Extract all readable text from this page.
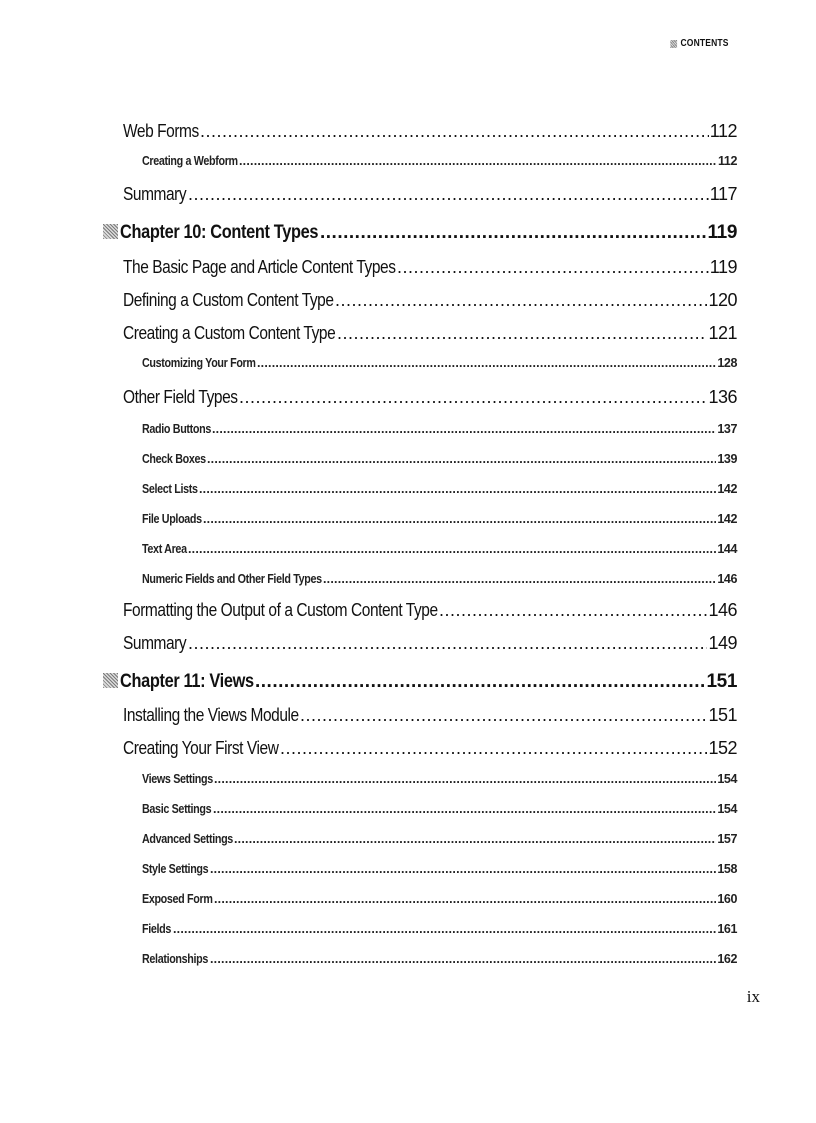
CONTENTS
Web Forms .....	112
Creating a Webform .....	112
Summary .....	117
Chapter 10: Content Types .....	119
The Basic Page and Article Content Types .....	119
Defining a Custom Content Type .....	120
Creating a Custom Content Type .....	121
Customizing Your Form .....	128
Other Field Types .....	136
Radio Buttons .....	137
Check Boxes .....	139
Select Lists .....	142
File Uploads .....	142
Text Area .....	144
Numeric Fields and Other Field Types .....	146
Formatting the Output of a Custom Content Type .....	146
Summary .....	149
Chapter 11: Views .....	151
Installing the Views Module .....	151
Creating Your First View .....	152
Views Settings .....	154
Basic Settings .....	154
Advanced Settings .....	157
Style Settings .....	158
Exposed Form .....	160
Fields .....	161
Relationships .....	162
ix
